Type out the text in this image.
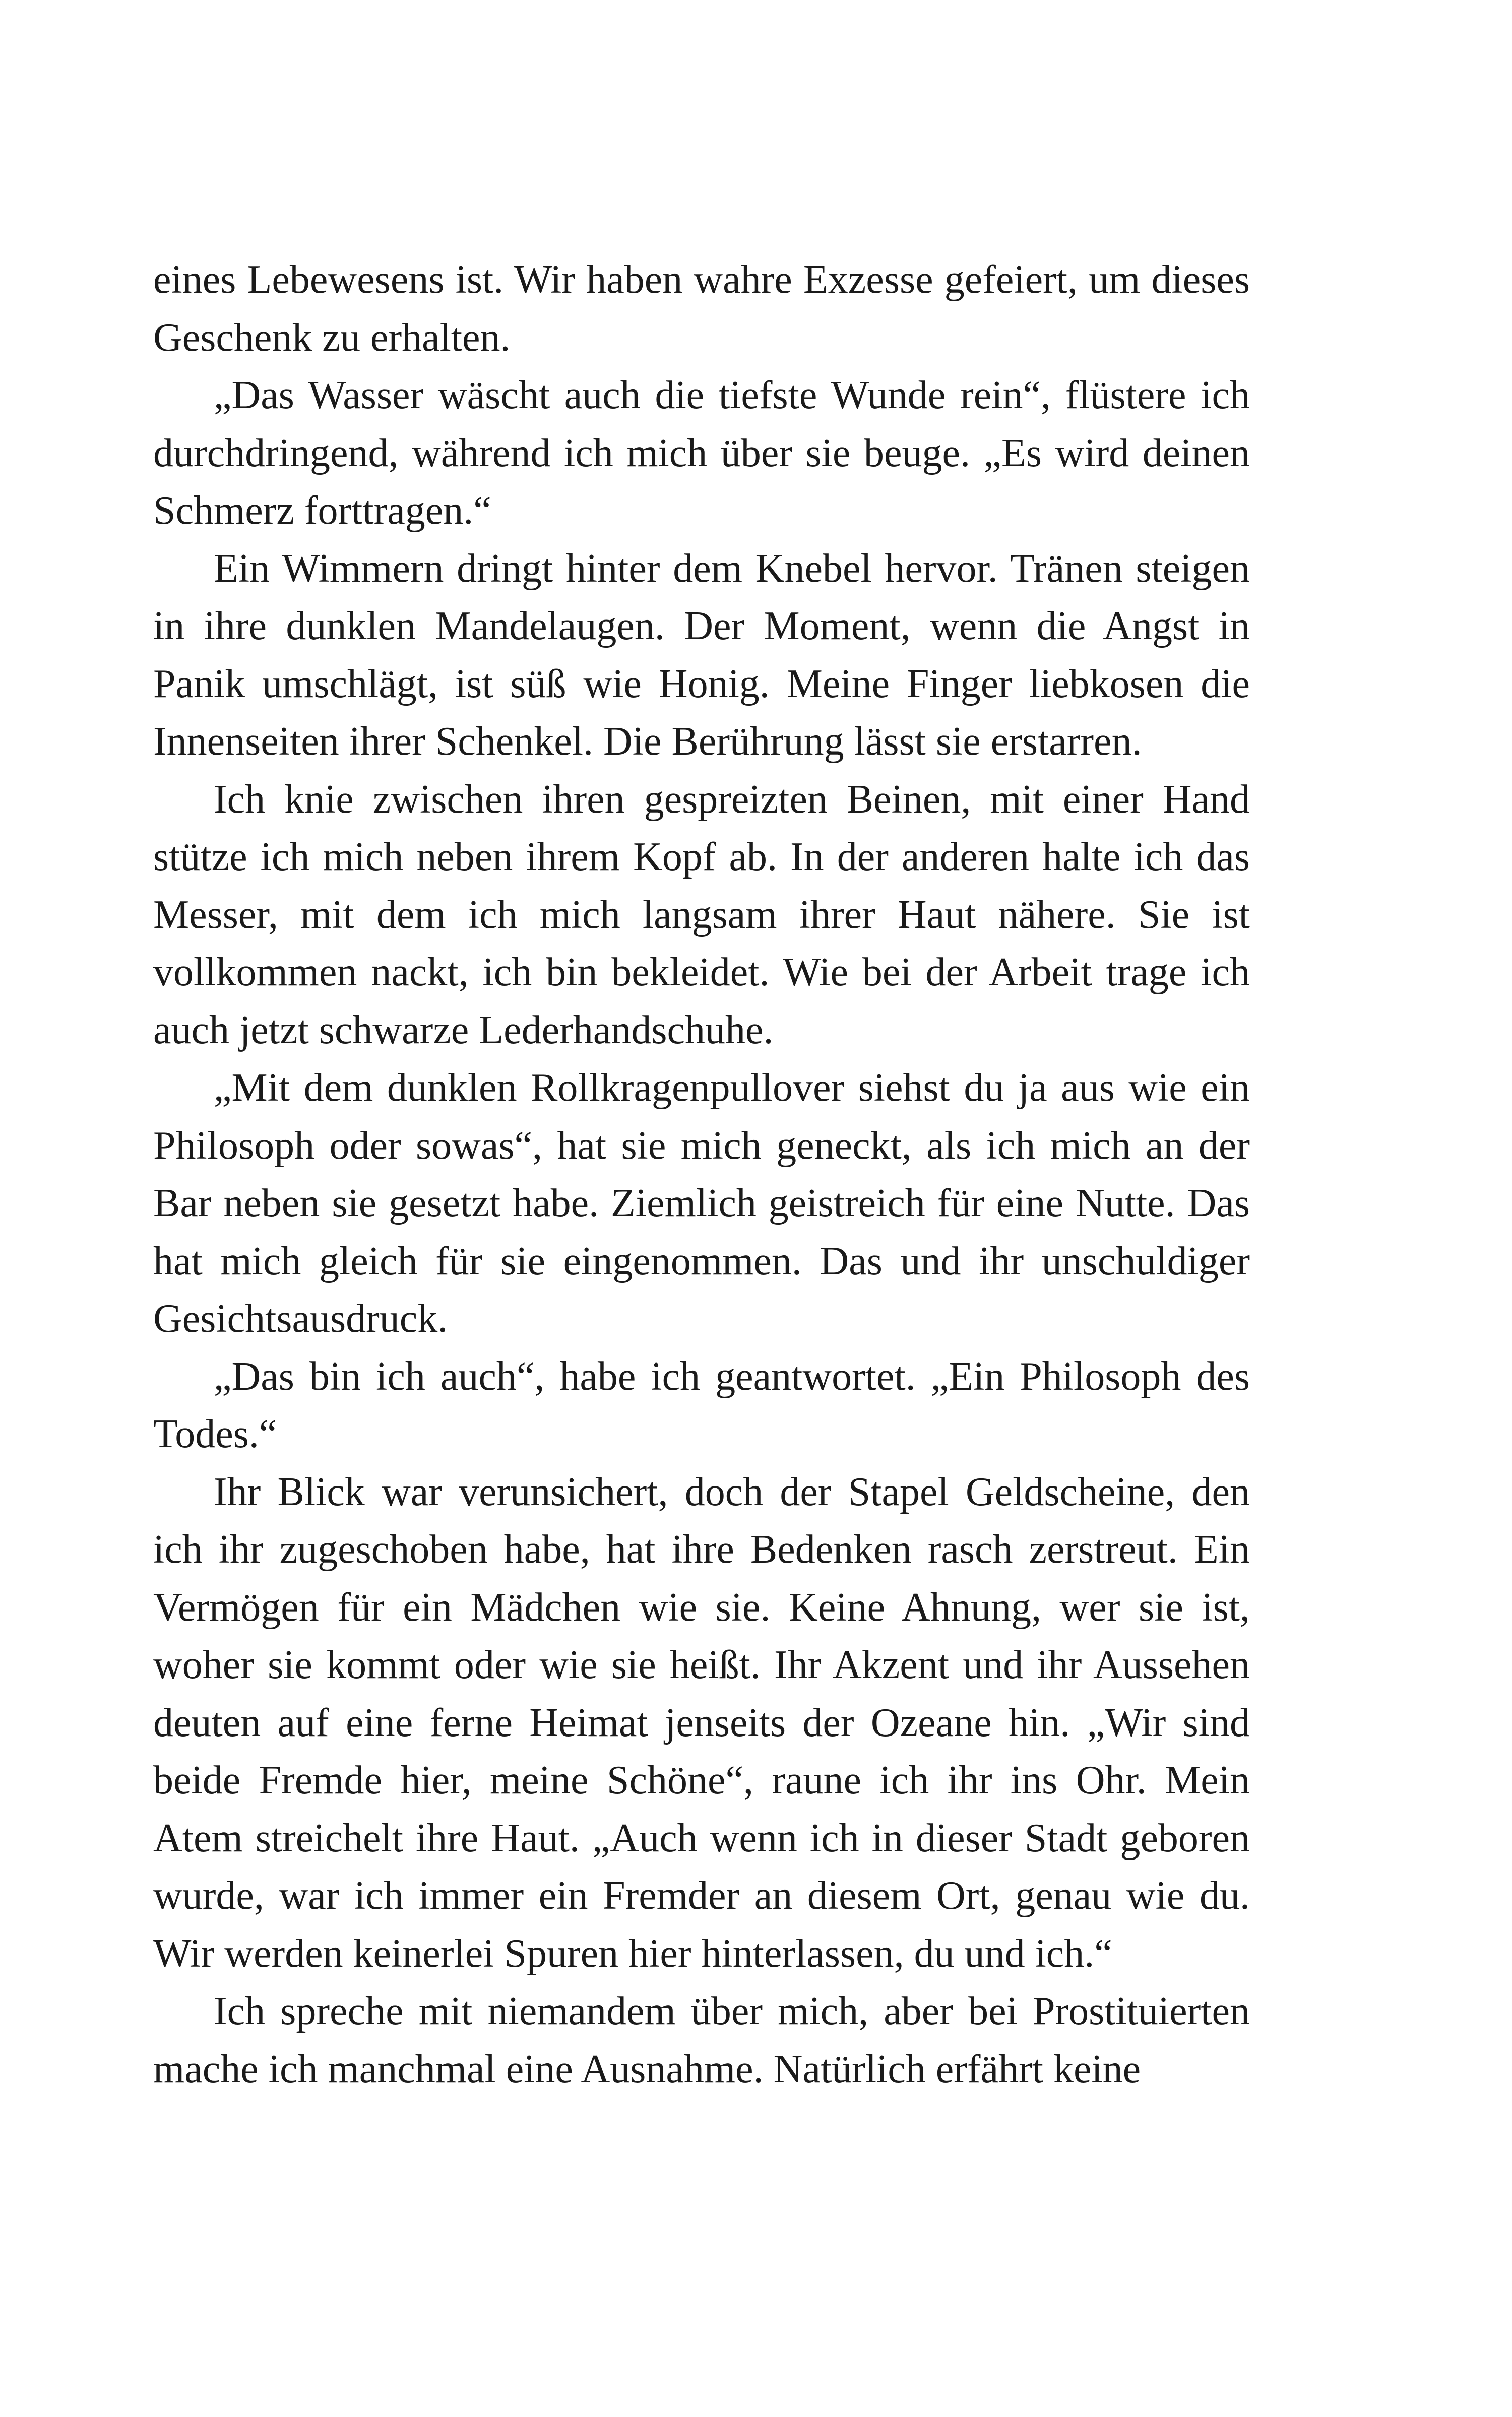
eines Lebewesens ist. Wir haben wahre Exzesse gefeiert, um dieses Geschenk zu erhalten.

„Das Wasser wäscht auch die tiefste Wunde rein“, flüstere ich durchdringend, während ich mich über sie beuge. „Es wird deinen Schmerz forttragen.“

Ein Wimmern dringt hinter dem Knebel hervor. Tränen steigen in ihre dunklen Mandelaugen. Der Moment, wenn die Angst in Panik umschlägt, ist süß wie Honig. Meine Finger liebkosen die Innenseiten ihrer Schenkel. Die Berührung lässt sie erstarren.

Ich knie zwischen ihren gespreizten Beinen, mit einer Hand stütze ich mich neben ihrem Kopf ab. In der anderen halte ich das Messer, mit dem ich mich langsam ihrer Haut nähere. Sie ist vollkommen nackt, ich bin bekleidet. Wie bei der Arbeit trage ich auch jetzt schwarze Lederhandschuhe.

„Mit dem dunklen Rollkragenpullover siehst du ja aus wie ein Philosoph oder sowas“, hat sie mich geneckt, als ich mich an der Bar neben sie gesetzt habe. Ziemlich geistreich für eine Nutte. Das hat mich gleich für sie eingenommen. Das und ihr unschuldiger Gesichtsausdruck.

„Das bin ich auch“, habe ich geantwortet. „Ein Philosoph des Todes.“

Ihr Blick war verunsichert, doch der Stapel Geldscheine, den ich ihr zugeschoben habe, hat ihre Bedenken rasch zerstreut. Ein Vermögen für ein Mädchen wie sie. Keine Ahnung, wer sie ist, woher sie kommt oder wie sie heißt. Ihr Akzent und ihr Aussehen deuten auf eine ferne Heimat jenseits der Ozeane hin. „Wir sind beide Fremde hier, meine Schöne“, raune ich ihr ins Ohr. Mein Atem streichelt ihre Haut. „Auch wenn ich in dieser Stadt geboren wurde, war ich immer ein Fremder an diesem Ort, genau wie du. Wir werden keinerlei Spuren hier hinterlassen, du und ich.“

Ich spreche mit niemandem über mich, aber bei Prostituierten mache ich manchmal eine Ausnahme. Natürlich erfährt keine
